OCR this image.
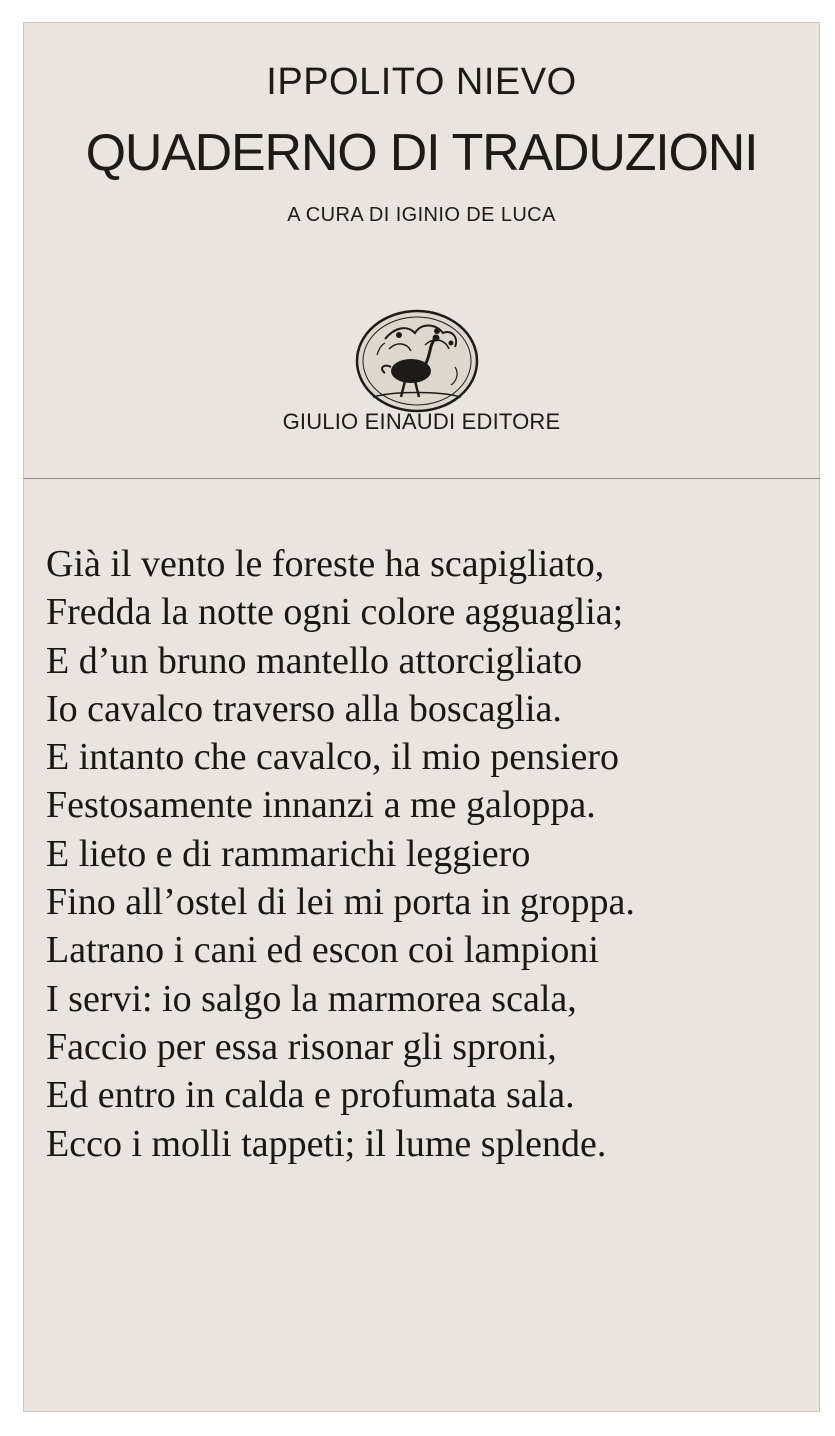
IPPOLITO NIEVO
QUADERNO DI TRADUZIONI
A CURA DI IGINIO DE LUCA
GIULIO EINAUDI EDITORE
Già il vento le foreste ha scapigliato,
Fredda la notte ogni colore agguaglia;
E d’un bruno mantello attorcigliato
Io cavalco traverso alla boscaglia.
E intanto che cavalco, il mio pensiero
Festosamente innanzi a me galoppa.
E lieto e di rammarichi leggiero
Fino all’ostel di lei mi porta in groppa.
Latrano i cani ed escon coi lampioni
I servi: io salgo la marmorea scala,
Faccio per essa risonar gli sproni,
Ed entro in calda e profumata sala.
Ecco i molli tappeti; il lume splende.
